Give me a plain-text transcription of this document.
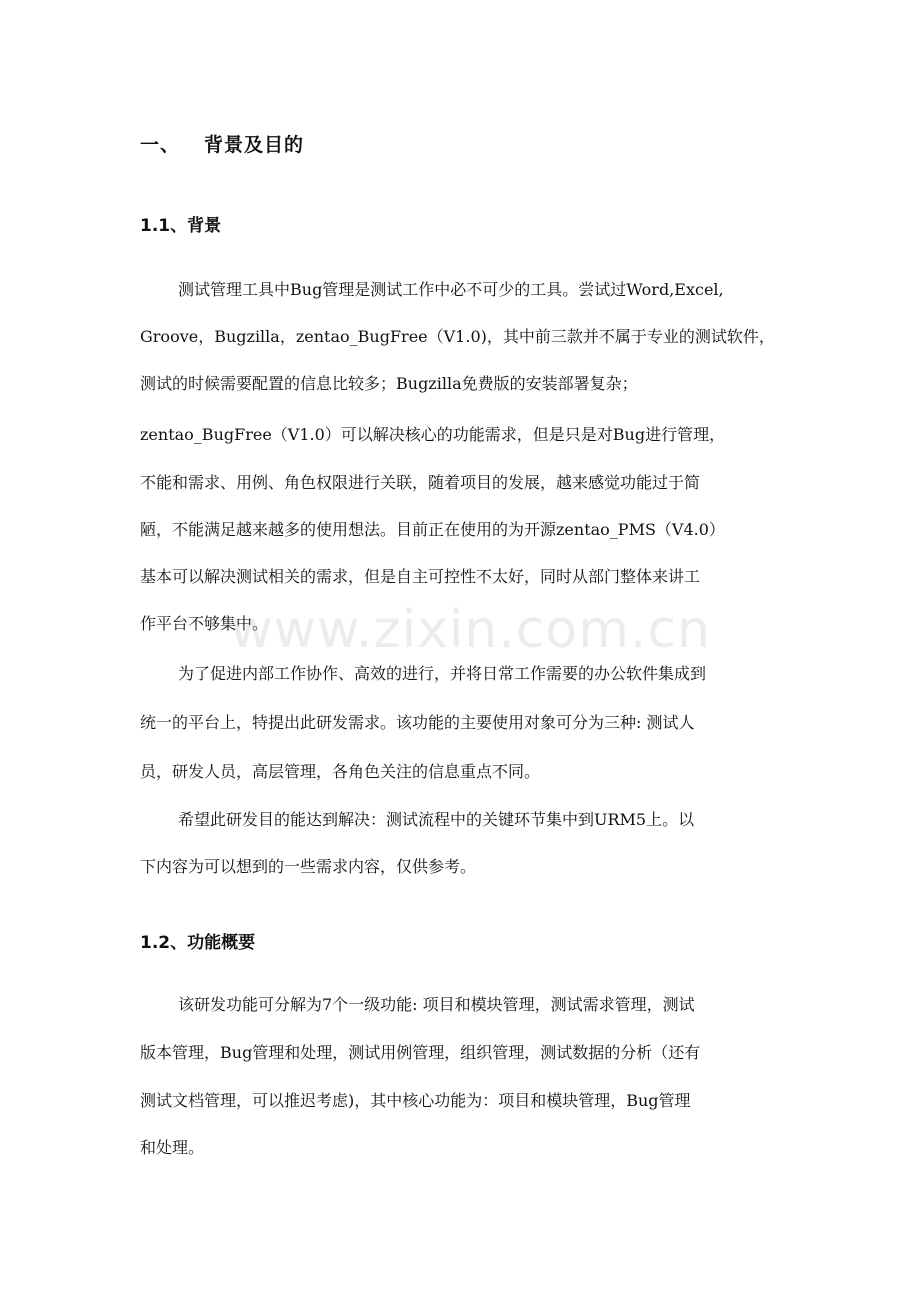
一、 背景及目的
1.1、背景
测试管理工具中Bug管理是测试工作中必不可少的工具。尝试过Word,Excel,
Groove，Bugzilla，zentao_BugFree（V1.0)，其中前三款并不属于专业的测试软件，
测试的时候需要配置的信息比较多；Bugzilla免费版的安装部署复杂；
zentao_BugFree（V1.0）可以解决核心的功能需求，但是只是对Bug进行管理，
不能和需求、用例、角色权限进行关联，随着项目的发展，越来感觉功能过于简
陋，不能满足越来越多的使用想法。目前正在使用的为开源zentao_PMS（V4.0）
基本可以解决测试相关的需求，但是自主可控性不太好，同时从部门整体来讲工
作平台不够集中。
为了促进内部工作协作、高效的进行，并将日常工作需要的办公软件集成到
统一的平台上，特提出此研发需求。该功能的主要使用对象可分为三种: 测试人
员，研发人员，高层管理，各角色关注的信息重点不同。
希望此研发目的能达到解决：测试流程中的关键环节集中到URM5上。以
下内容为可以想到的一些需求内容，仅供参考。
1.2、功能概要
该研发功能可分解为7个一级功能: 项目和模块管理，测试需求管理，测试
版本管理，Bug管理和处理，测试用例管理，组织管理，测试数据的分析（还有
测试文档管理，可以推迟考虑)，其中核心功能为：项目和模块管理，Bug管理
和处理。
www.zixin.com.cn
